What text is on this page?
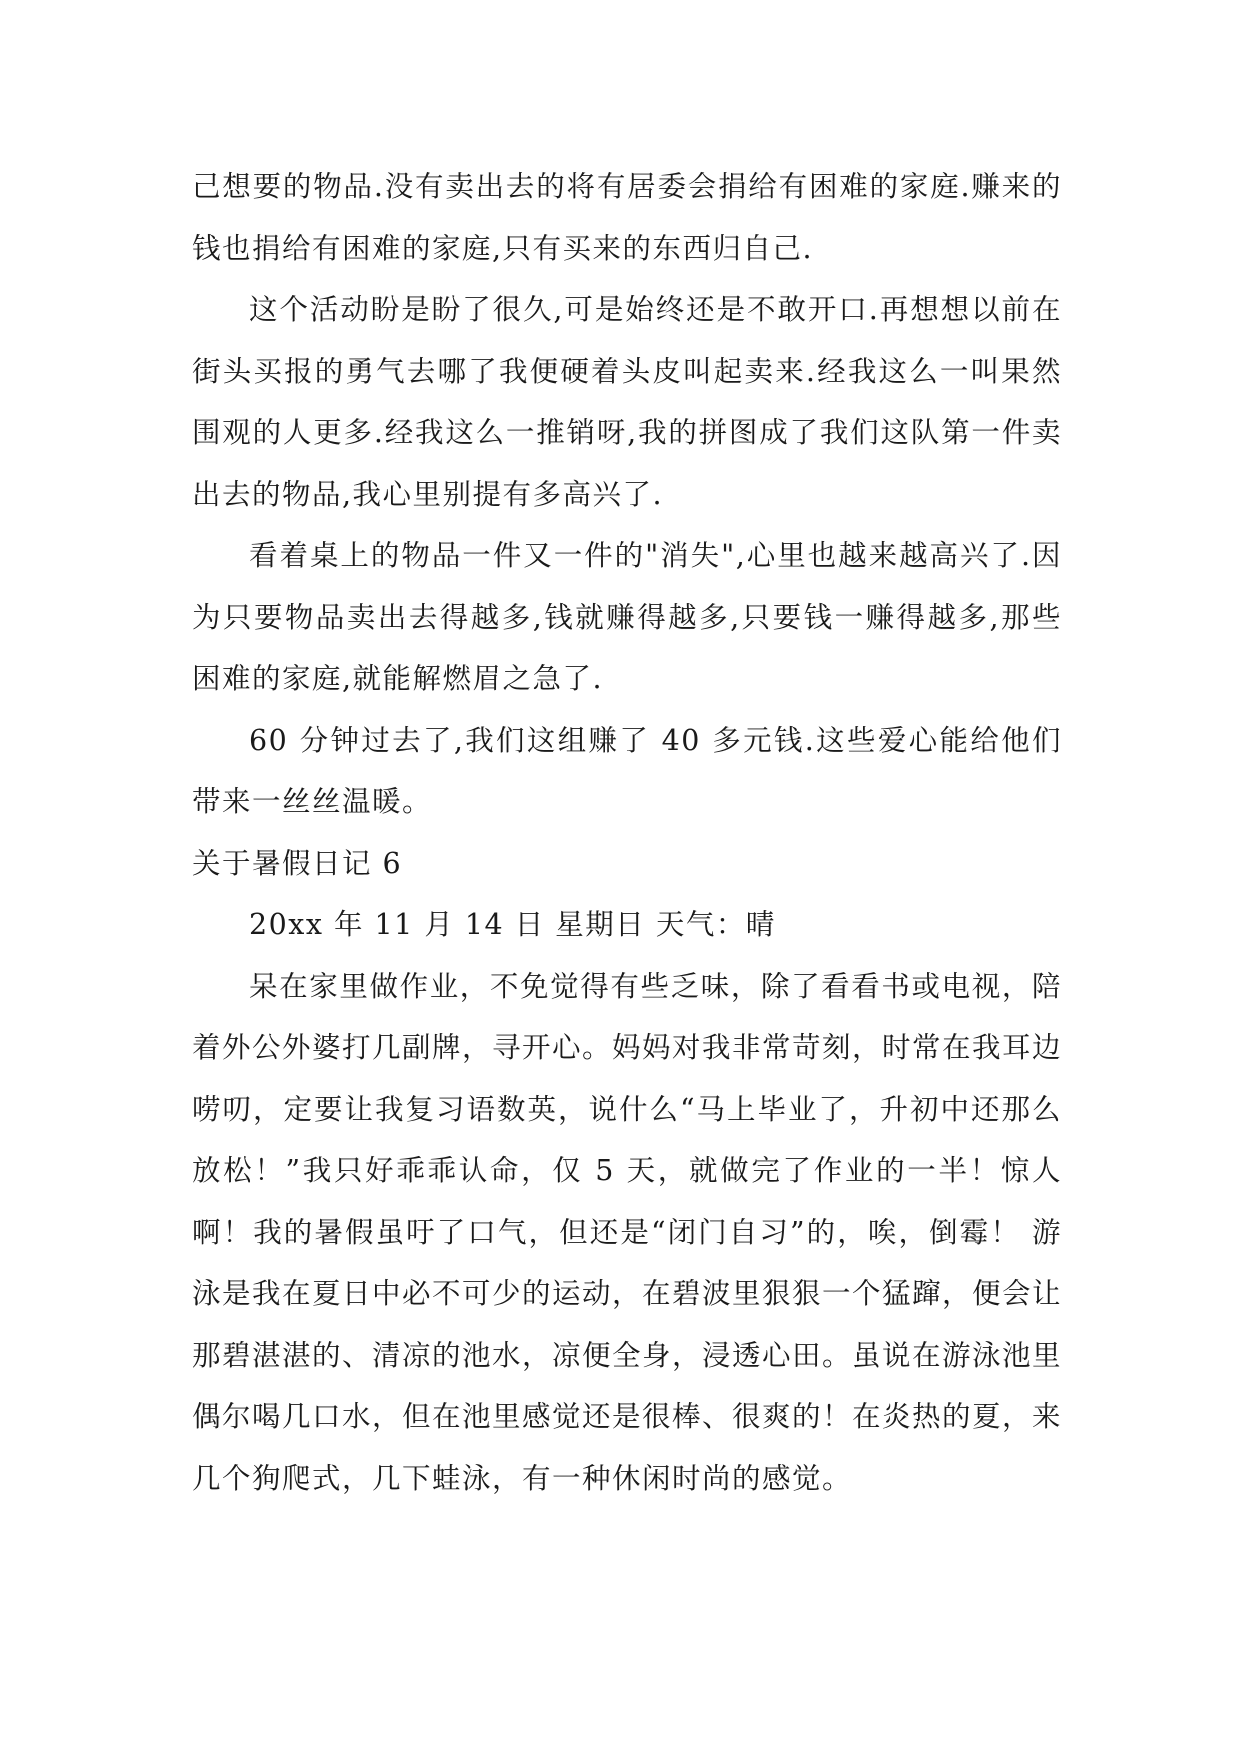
己想要的物品.没有卖出去的将有居委会捐给有困难的家庭.赚来的钱也捐给有困难的家庭,只有买来的东西归自己.

这个活动盼是盼了很久,可是始终还是不敢开口.再想想以前在街头买报的勇气去哪了我便硬着头皮叫起卖来.经我这么一叫果然围观的人更多.经我这么一推销呀,我的拼图成了我们这队第一件卖出去的物品,我心里别提有多高兴了.

看着桌上的物品一件又一件的"消失",心里也越来越高兴了.因为只要物品卖出去得越多,钱就赚得越多,只要钱一赚得越多,那些困难的家庭,就能解燃眉之急了.

60 分钟过去了,我们这组赚了 40 多元钱.这些爱心能给他们带来一丝丝温暖。

关于暑假日记 6

20xx 年 11 月 14 日 星期日 天气：晴

呆在家里做作业，不免觉得有些乏味，除了看看书或电视，陪着外公外婆打几副牌，寻开心。妈妈对我非常苛刻，时常在我耳边唠叨，定要让我复习语数英，说什么“马上毕业了，升初中还那么放松！”我只好乖乖认命，仅 5 天，就做完了作业的一半！惊人啊！我的暑假虽吁了口气，但还是“闭门自习”的，唉，倒霉！ 游泳是我在夏日中必不可少的运动，在碧波里狠狠一个猛蹿，便会让那碧湛湛的、清凉的池水，凉便全身，浸透心田。虽说在游泳池里偶尔喝几口水，但在池里感觉还是很棒、很爽的！在炎热的夏，来几个狗爬式，几下蛙泳，有一种休闲时尚的感觉。
